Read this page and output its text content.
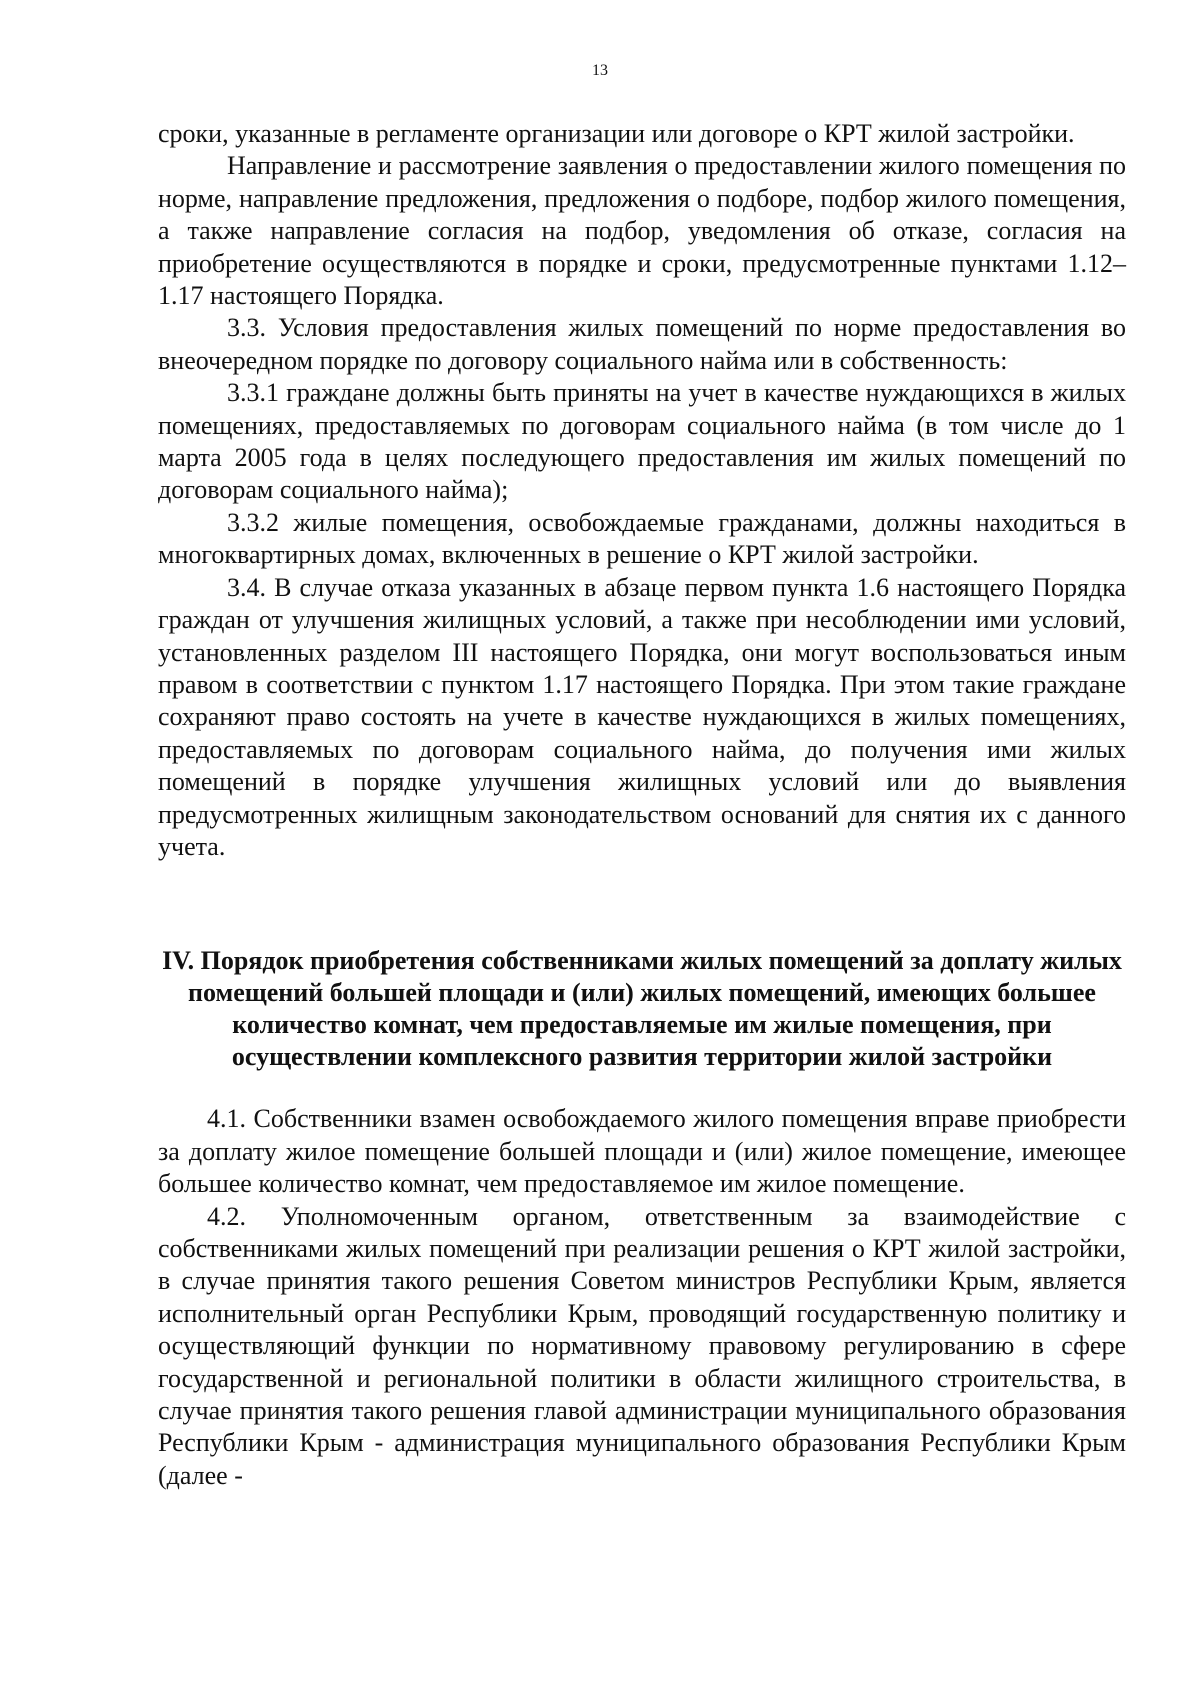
13

сроки, указанные в регламенте организации или договоре о КРТ жилой застройки.

Направление и рассмотрение заявления о предоставлении жилого помещения по норме, направление предложения, предложения о подборе, подбор жилого помещения, а также направление согласия на подбор, уведомления об отказе, согласия на приобретение осуществляются в порядке и сроки, предусмотренные пунктами 1.12–1.17 настоящего Порядка.

3.3. Условия предоставления жилых помещений по норме предоставления во внеочередном порядке по договору социального найма или в собственность:

3.3.1 граждане должны быть приняты на учет в качестве нуждающихся в жилых помещениях, предоставляемых по договорам социального найма (в том числе до 1 марта 2005 года в целях последующего предоставления им жилых помещений по договорам социального найма);

3.3.2 жилые помещения, освобождаемые гражданами, должны находиться в многоквартирных домах, включенных в решение о КРТ жилой застройки.

3.4. В случае отказа указанных в абзаце первом пункта 1.6 настоящего Порядка граждан от улучшения жилищных условий, а также при несоблюдении ими условий, установленных разделом III настоящего Порядка, они могут воспользоваться иным правом в соответствии с пунктом 1.17 настоящего Порядка. При этом такие граждане сохраняют право состоять на учете в качестве нуждающихся в жилых помещениях, предоставляемых по договорам социального найма, до получения ими жилых помещений в порядке улучшения жилищных условий или до выявления предусмотренных жилищным законодательством оснований для снятия их с данного учета.

IV. Порядок приобретения собственниками жилых помещений за доплату жилых помещений большей площади и (или) жилых помещений, имеющих большее количество комнат, чем предоставляемые им жилые помещения, при осуществлении комплексного развития территории жилой застройки

4.1. Собственники взамен освобождаемого жилого помещения вправе приобрести за доплату жилое помещение большей площади и (или) жилое помещение, имеющее большее количество комнат, чем предоставляемое им жилое помещение.

4.2. Уполномоченным органом, ответственным за взаимодействие с собственниками жилых помещений при реализации решения о КРТ жилой застройки, в случае принятия такого решения Советом министров Республики Крым, является исполнительный орган Республики Крым, проводящий государственную политику и осуществляющий функции по нормативному правовому регулированию в сфере государственной и региональной политики в области жилищного строительства, в случае принятия такого решения главой администрации муниципального образования Республики Крым - администрация муниципального образования Республики Крым (далее -
